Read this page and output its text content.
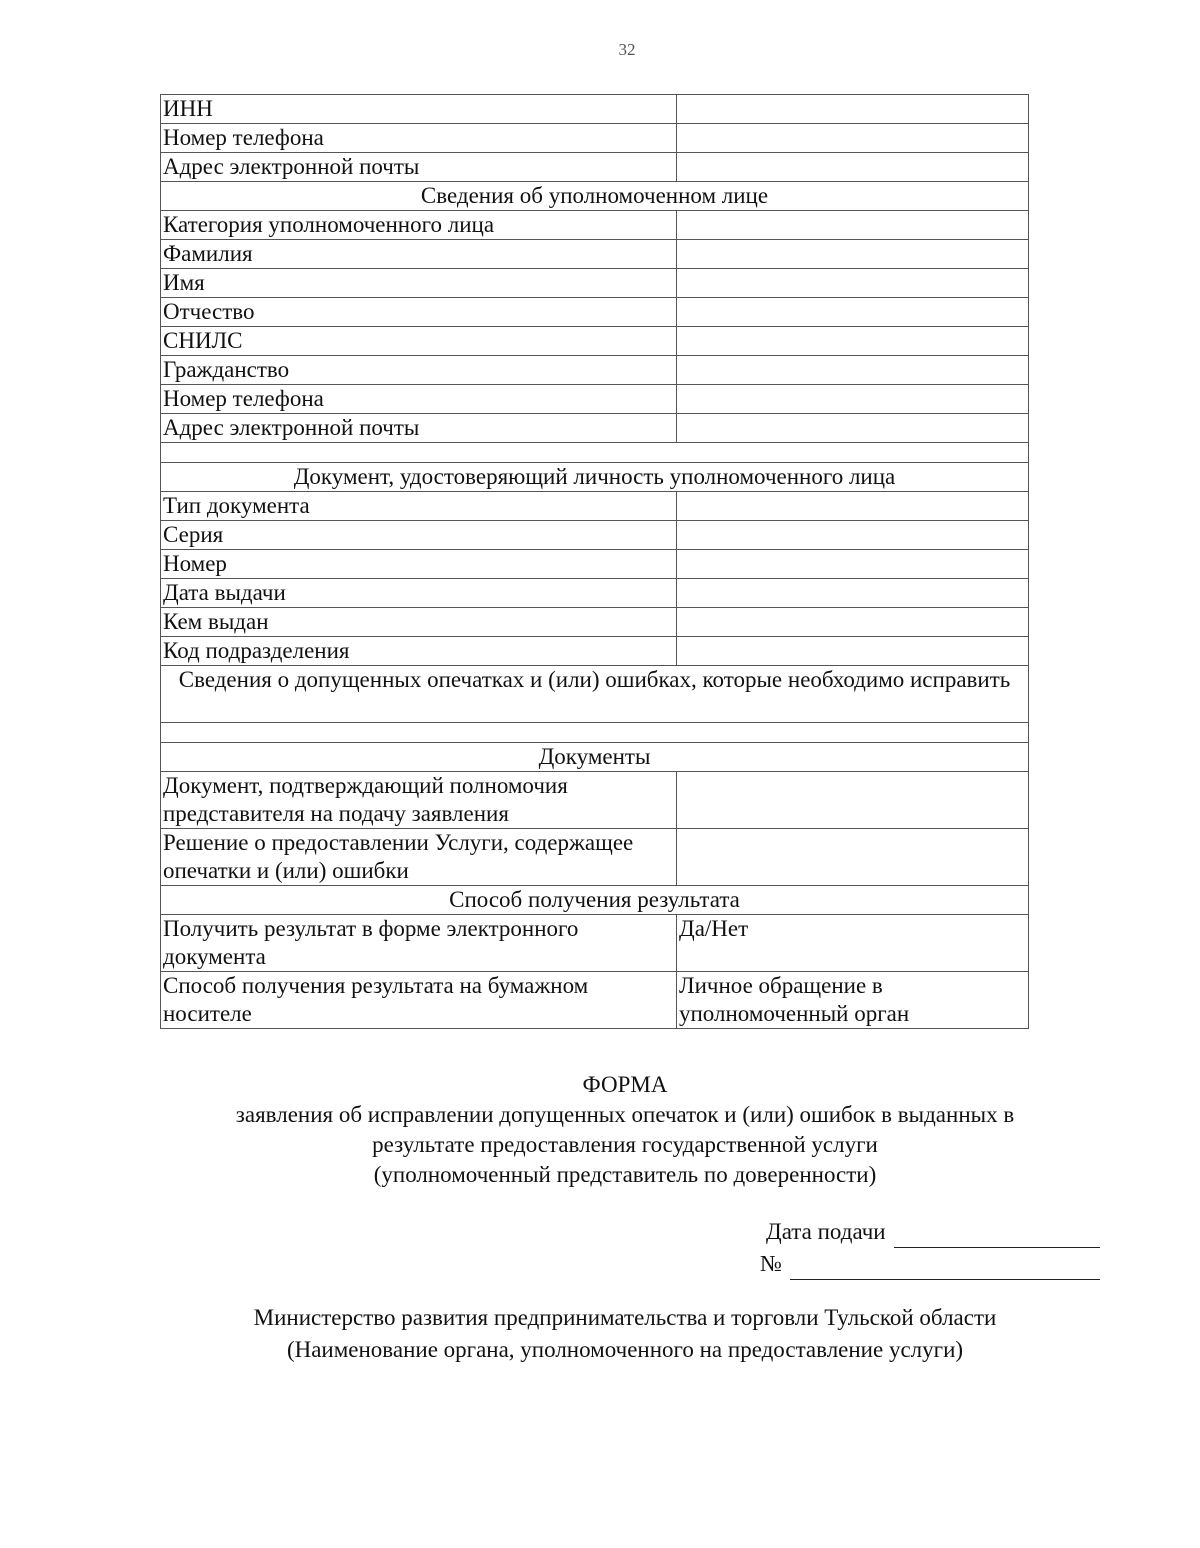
32
ИНН	
Номер телефона	
Адрес электронной почты	
Сведения об уполномоченном лице	
Категория уполномоченного лица	
Фамилия	
Имя	
Отчество	
СНИЛС	
Гражданство	
Номер телефона	
Адрес электронной почты	

Документ, удостоверяющий личность уполномоченного лица	
Тип документа	
Серия	
Номер	
Дата выдачи	
Кем выдан	
Код подразделения	
Сведения о допущенных опечатках и (или) ошибках, которые необходимо исправить	

Документы	
Документ, подтверждающий полномочия представителя на подачу заявления	
Решение о предоставлении Услуги, содержащее опечатки и (или) ошибки	
Способ получения результата	
Получить результат в форме электронного документа	Да/Нет
Способ получения результата на бумажном носителе	Личное обращение в уполномоченный орган
ФОРМА
заявления об исправлении допущенных опечаток и (или) ошибок в выданных в
результате предоставления государственной услуги
(уполномоченный представитель по доверенности)
Дата подачи
№
Министерство развития предпринимательства и торговли Тульской области
(Наименование органа, уполномоченного на предоставление услуги)
